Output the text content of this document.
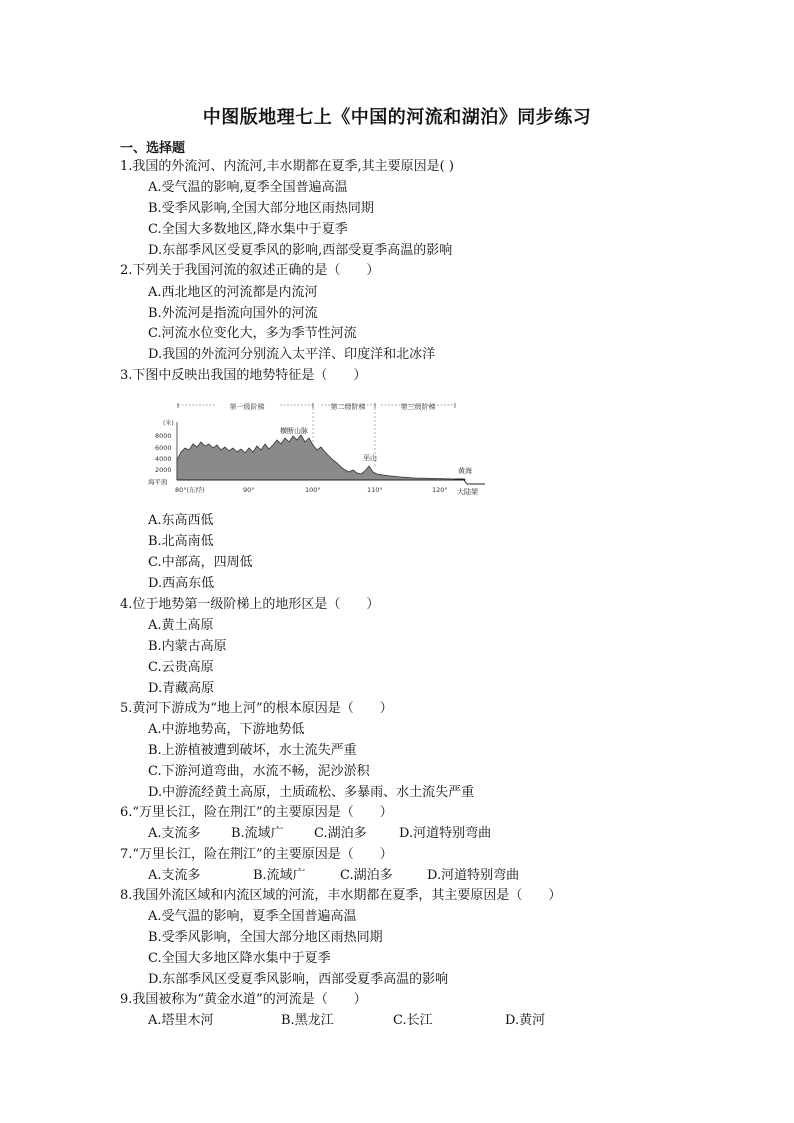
中图版地理七上《中国的河流和湖泊》同步练习
一、选择题
1.我国的外流河、内流河,丰水期都在夏季,其主要原因是( )
A.受气温的影响,夏季全国普遍高温
B.受季风影响,全国大部分地区雨热同期
C.全国大多数地区,降水集中于夏季
D.东部季风区受夏季风的影响,西部受夏季高温的影响
2.下列关于我国河流的叙述正确的是（　　）
A.西北地区的河流都是内流河
B.外流河是指流向国外的河流
C.河流水位变化大，多为季节性河流
D.我国的外流河分别流入太平洋、印度洋和北冰洋
3.下图中反映出我国的地势特征是（　　）
第一级阶梯	第二级阶梯	第三级阶梯
(米)
8000
6000
4000
2000
海平面
横断山脉
巫山
黄海
80°(东经)	90°	100°	110°	120° 大陆架
A.东高西低
B.北高南低
C.中部高，四周低
D.西高东低
4.位于地势第一级阶梯上的地形区是（　　）
A.黄土高原
B.内蒙古高原
C.云贵高原
D.青藏高原
5.黄河下游成为“地上河”的根本原因是（　　）
A.中游地势高，下游地势低
B.上游植被遭到破坏，水土流失严重
C.下游河道弯曲，水流不畅，泥沙淤积
D.中游流经黄土高原，土质疏松、多暴雨、水土流失严重
6.“万里长江，险在荆江”的主要原因是（　　）
A.支流多 B.流域广 C.湖泊多 D.河道特别弯曲
7.“万里长江，险在荆江”的主要原因是（　　）
A.支流多	B.流域广	C.湖泊多	D.河道特别弯曲
8.我国外流区域和内流区域的河流，丰水期都在夏季，其主要原因是（　　）
A.受气温的影响，夏季全国普遍高温
B.受季风影响，全国大部分地区雨热同期
C.全国大多地区降水集中于夏季
D.东部季风区受夏季风影响，西部受夏季高温的影响
9.我国被称为“黄金水道”的河流是（　　）
A.塔里木河	B.黑龙江	C.长江	D.黄河
